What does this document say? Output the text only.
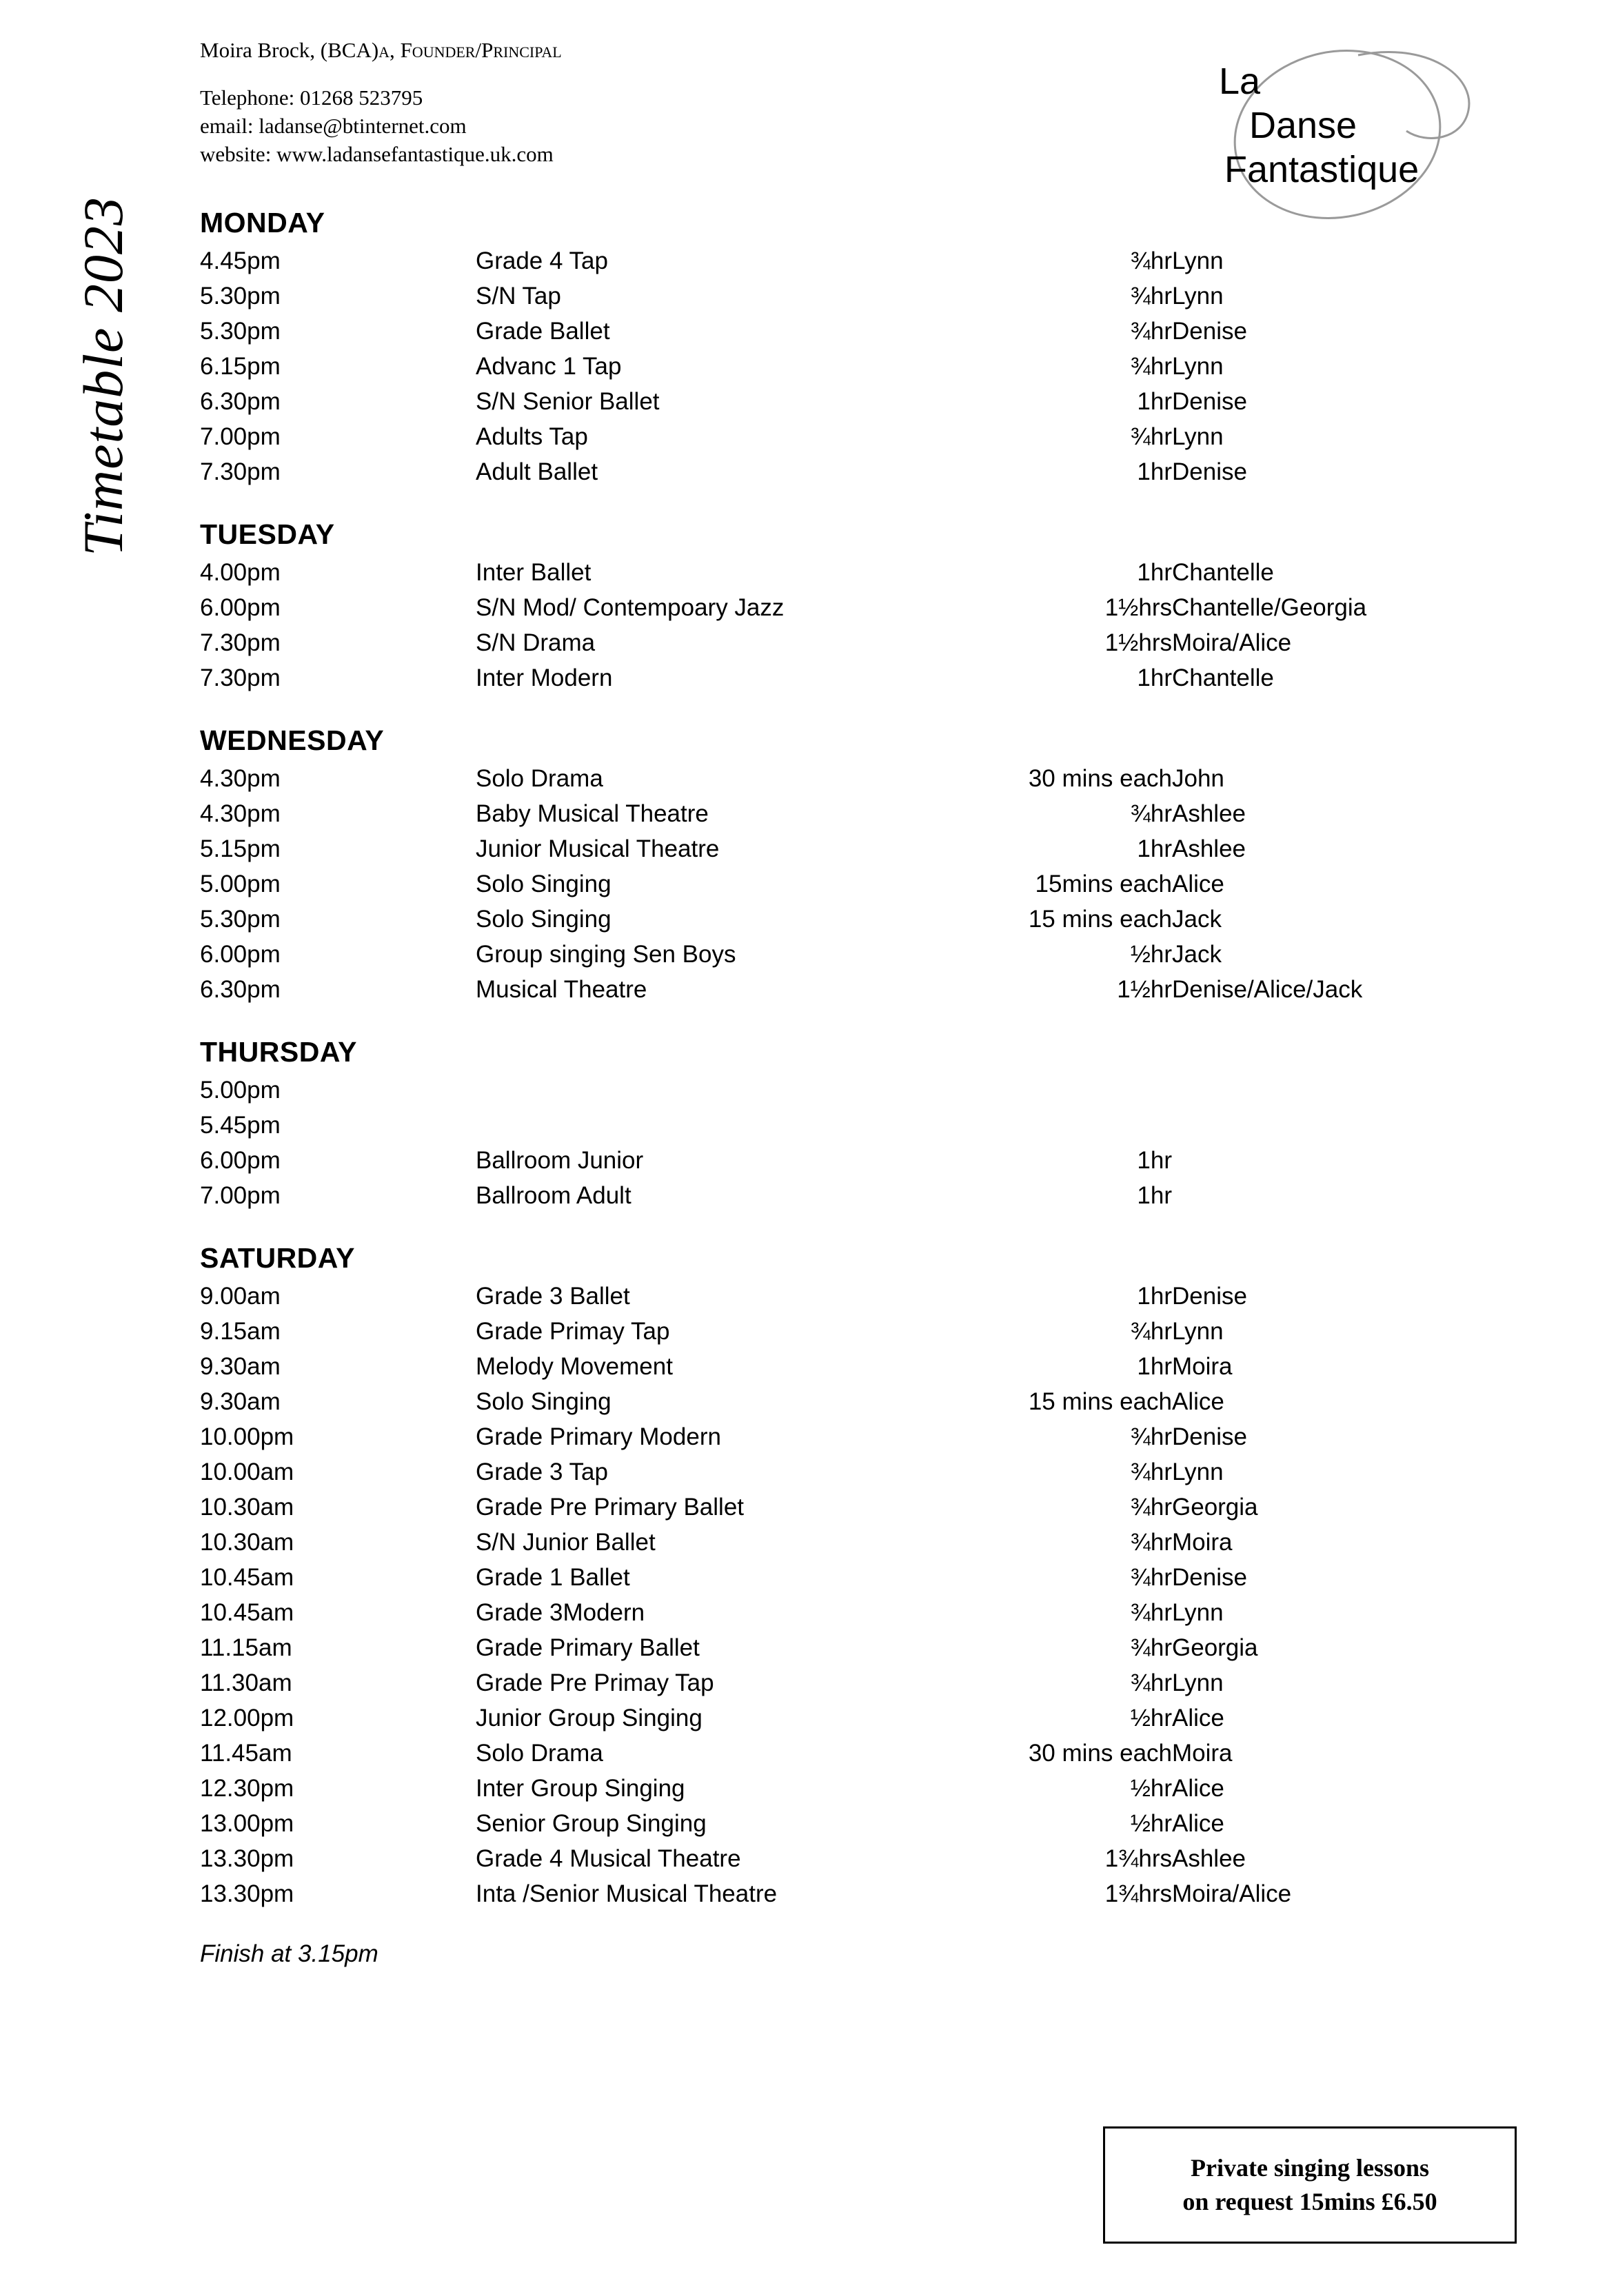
Timetable 2023
Moira Brock, (BCA)a, Founder/Principal
Telephone: 01268 523795
email: ladanse@btinternet.com
website: www.ladansefantastique.uk.com
La
Danse
Fantastique
MONDAY
4.45pm	Grade 4 Tap	¾hr	Lynn
5.30pm	S/N Tap	¾hr	Lynn
5.30pm	Grade Ballet	¾hr	Denise
6.15pm	Advanc 1 Tap	¾hr	Lynn
6.30pm	S/N Senior Ballet	1hr	Denise
7.00pm	Adults Tap	¾hr	Lynn
7.30pm	Adult Ballet	1hr	Denise
TUESDAY
4.00pm	Inter Ballet	1hr	Chantelle
6.00pm	S/N Mod/ Contempoary Jazz	1½hrs	Chantelle/Georgia
7.30pm	S/N Drama	1½hrs	Moira/Alice
7.30pm	Inter Modern	1hr	Chantelle
WEDNESDAY
4.30pm	Solo Drama	30 mins each	John
4.30pm	Baby Musical Theatre	¾hr	Ashlee
5.15pm	Junior Musical Theatre	1hr	Ashlee
5.00pm	Solo Singing	15mins each	Alice
5.30pm	Solo Singing	15 mins each	Jack
6.00pm	Group singing Sen Boys	½hr	Jack
6.30pm	Musical Theatre	1½hr	Denise/Alice/Jack
THURSDAY
5.00pm			
5.45pm			
6.00pm	Ballroom Junior	1hr	
7.00pm	Ballroom Adult	1hr	
SATURDAY
9.00am	Grade 3 Ballet	1hr	Denise
9.15am	Grade Primay Tap	¾hr	Lynn
9.30am	Melody Movement	1hr	Moira
9.30am	Solo Singing	15 mins each	Alice
10.00pm	Grade Primary Modern	¾hr	Denise
10.00am	Grade 3 Tap	¾hr	Lynn
10.30am	Grade Pre Primary Ballet	¾hr	Georgia
10.30am	S/N Junior Ballet	¾hr	Moira
10.45am	Grade 1 Ballet	¾hr	Denise
10.45am	Grade 3Modern	¾hr	Lynn
11.15am	Grade Primary Ballet	¾hr	Georgia
11.30am	Grade Pre Primay Tap	¾hr	Lynn
12.00pm	Junior Group Singing	½hr	Alice
11.45am	Solo Drama	30 mins each	Moira
12.30pm	Inter Group Singing	½hr	Alice
13.00pm	Senior Group Singing	½hr	Alice
13.30pm	Grade 4 Musical Theatre	1¾hrs	Ashlee
13.30pm	Inta /Senior Musical Theatre	1¾hrs	Moira/Alice
Finish at 3.15pm
Private singing lessons
on request 15mins £6.50
